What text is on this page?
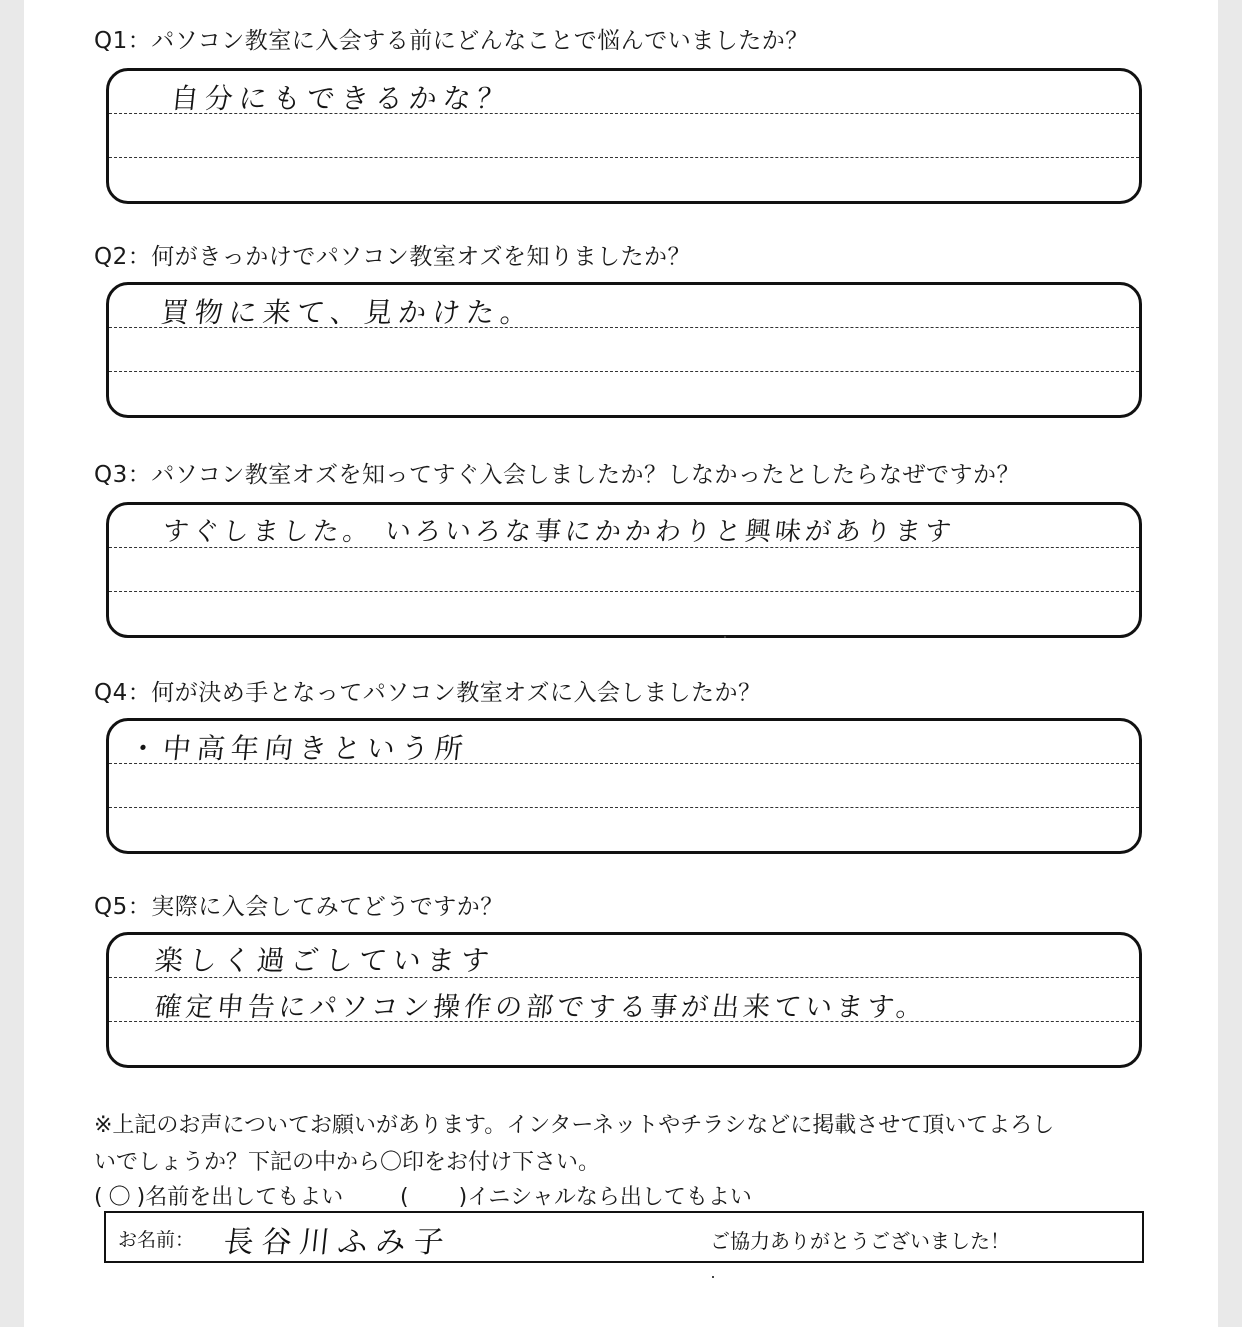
Q1：パソコン教室に入会する前にどんなことで悩んでいましたか？
自分にもできるかな？
Q2：何がきっかけでパソコン教室オズを知りましたか？
買物に来て、見かけた。
Q3：パソコン教室オズを知ってすぐ入会しましたか？しなかったとしたらなぜですか？
すぐしました。 いろいろな事にかかわりと興味があります
Q4：何が決め手となってパソコン教室オズに入会しましたか？
・中高年向きという所
Q5：実際に入会してみてどうですか？
楽しく過ごしています
確定申告にパソコン操作の部でする事が出来ています。
※上記のお声についてお願いがあります。インターネットやチラシなどに掲載させて頂いてよろし
いでしょうか？下記の中から〇印をお付け下さい。
( 〇 )名前を出してもよい	( )イニシャルなら出してもよい
お名前： 長谷川ふみ子	ご協力ありがとうございました！
